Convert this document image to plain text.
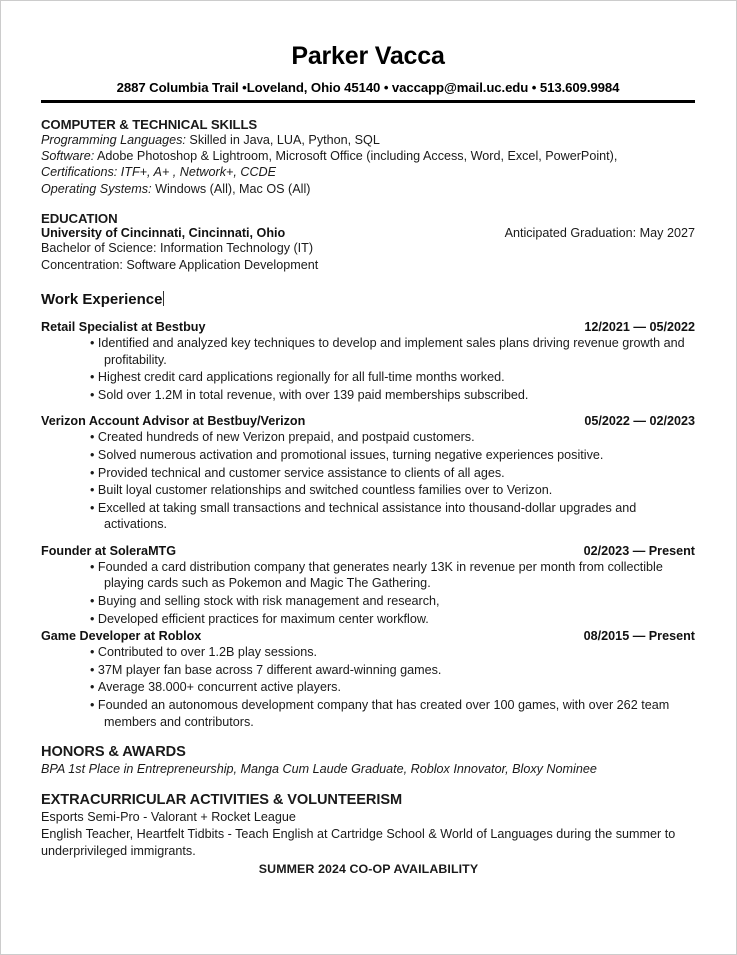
Parker Vacca
2887 Columbia Trail •Loveland, Ohio 45140 • vaccapp@mail.uc.edu • 513.609.9984
COMPUTER & TECHNICAL SKILLS
Programming Languages: Skilled in Java, LUA, Python, SQL
Software: Adobe Photoshop & Lightroom, Microsoft Office (including Access, Word, Excel, PowerPoint),
Certifications: ITF+, A+ , Network+, CCDE
Operating Systems: Windows (All), Mac OS (All)
EDUCATION
University of Cincinnati, Cincinnati, Ohio	Anticipated Graduation: May 2027
Bachelor of Science: Information Technology (IT)
Concentration: Software Application Development
Work Experience
Retail Specialist at Bestbuy	12/2021 — 05/2022
• Identified and analyzed key techniques to develop and implement sales plans driving revenue growth and profitability.
• Highest credit card applications regionally for all full-time months worked.
• Sold over 1.2M in total revenue, with over 139 paid memberships subscribed.
Verizon Account Advisor at Bestbuy/Verizon	05/2022 — 02/2023
• Created hundreds of new Verizon prepaid, and postpaid customers.
• Solved numerous activation and promotional issues, turning negative experiences positive.
• Provided technical and customer service assistance to clients of all ages.
• Built loyal customer relationships and switched countless families over to Verizon.
• Excelled at taking small transactions and technical assistance into thousand-dollar upgrades and activations.
Founder at SoleraMTG	02/2023 — Present
• Founded a card distribution company that generates nearly 13K in revenue per month from collectible playing cards such as Pokemon and Magic The Gathering.
• Buying and selling stock with risk management and research,
• Developed efficient practices for maximum center workflow.
Game Developer at Roblox	08/2015 — Present
• Contributed to over 1.2B play sessions.
• 37M player fan base across 7 different award-winning games.
• Average 38.000+ concurrent active players.
• Founded an autonomous development company that has created over 100 games, with over 262 team members and contributors.
HONORS & AWARDS
BPA 1st Place in Entrepreneurship, Manga Cum Laude Graduate, Roblox Innovator, Bloxy Nominee
EXTRACURRICULAR ACTIVITIES & VOLUNTEERISM
Esports Semi-Pro - Valorant + Rocket League
English Teacher, Heartfelt Tidbits - Teach English at Cartridge School & World of Languages during the summer to underprivileged immigrants.
SUMMER 2024 CO-OP AVAILABILITY
